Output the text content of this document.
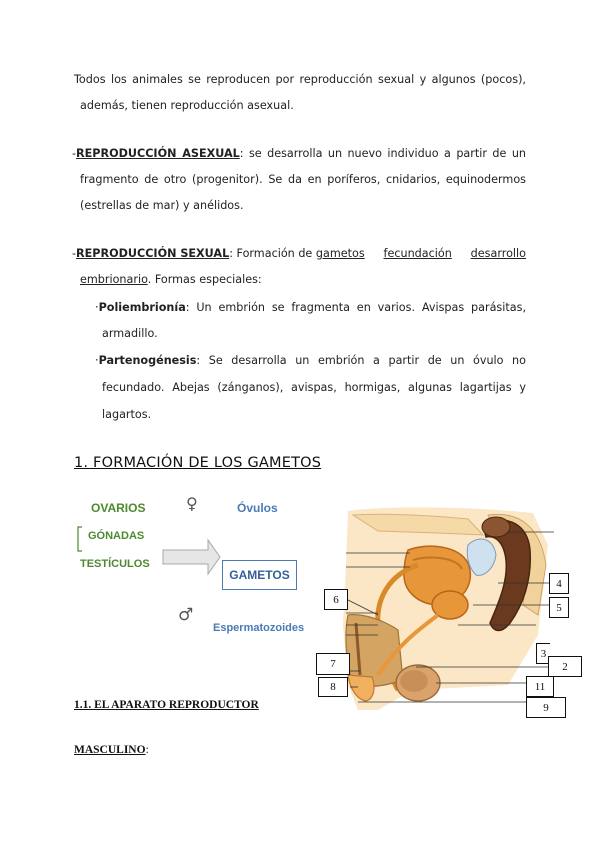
Todos los animales se reproducen por reproducción sexual y algunos (pocos),
además, tienen reproducción asexual.
-REPRODUCCIÓN ASEXUAL: se desarrolla un nuevo individuo a partir de un
fragmento de otro (progenitor). Se da en poríferos, cnidarios, equinodermos
(estrellas de mar) y anélidos.
-REPRODUCCIÓN SEXUAL: Formación de gametos fecundación desarrollo
embrionario. Formas especiales:
·Poliembrionía: Un embrión se fragmenta en varios. Avispas parásitas,
armadillo.
·Partenogénesis: Se desarrolla un embrión a partir de un óvulo no
fecundado. Abejas (zánganos), avispas, hormigas, algunas lagartijas y
lagartos.
1. FORMACIÓN DE LOS GAMETOS
OVARIOS	♀	Óvulos
GÓNADAS
TESTÍCULOS
GAMETOS
♂
Espermatozoides
4
5
6
3
2
7
11
8
9
1.1. EL APARATO REPRODUCTOR
MASCULINO:
